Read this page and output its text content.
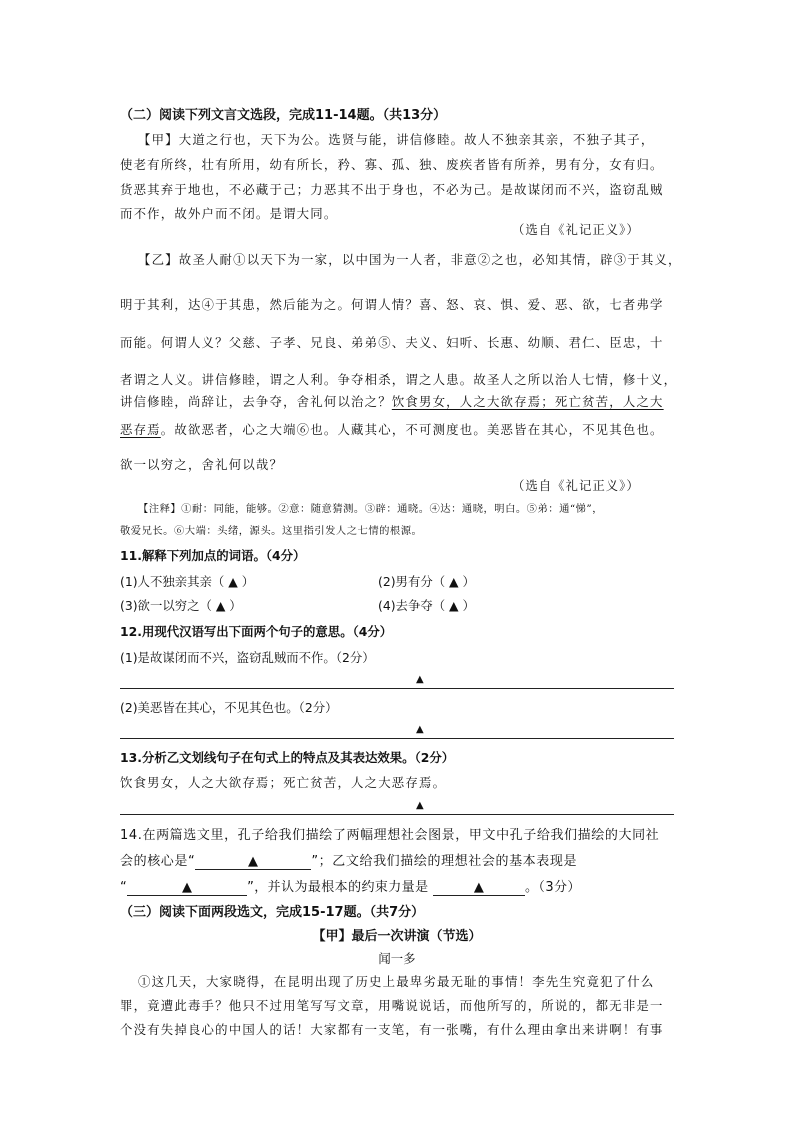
（二）阅读下列文言文选段，完成11-14题。（共13分）
【甲】大道之行也，天下为公。选贤与能，讲信修睦。故人不独亲其亲，不独子其子，
使老有所终，壮有所用，幼有所长，矜、寡、孤、独、废疾者皆有所养，男有分，女有归。
货恶其弃于地也，不必藏于己；力恶其不出于身也，不必为己。是故谋闭而不兴，盗窃乱贼
而不作，故外户而不闭。是谓大同。
（选自《礼记正义》）
【乙】故圣人耐①以天下为一家，以中国为一人者，非意②之也，必知其情，辟③于其义，
明于其利，达④于其患，然后能为之。何谓人情？喜、怒、哀、惧、爱、恶、欲，七者弗学
而能。何谓人义？父慈、子孝、兄良、弟弟⑤、夫义、妇听、长惠、幼顺、君仁、臣忠，十
者谓之人义。讲信修睦，谓之人利。争夺相杀，谓之人患。故圣人之所以治人七情，修十义，
讲信修睦，尚辞让，去争夺，舍礼何以治之？饮食男女，人之大欲存焉；死亡贫苦，人之大
恶存焉。故欲恶者，心之大端⑥也。人藏其心，不可测度也。美恶皆在其心，不见其色也。
欲一以穷之，舍礼何以哉？
（选自《礼记正义》）
【注释】①耐：同能，能够。②意：随意猜测。③辟：通晓。④达：通晓，明白。⑤弟：通“悌”，
敬爱兄长。⑥大端：头绪，源头。这里指引发人之七情的根源。
11.解释下列加点的词语。（4分）
(1)人不独亲其亲（ ▲ ）	(2)男有分（ ▲ ）
(3)欲一以穷之（ ▲ ）	(4)去争夺（ ▲ ）
12.用现代汉语写出下面两个句子的意思。（4分）
(1)是故谋闭而不兴，盗窃乱贼而不作。（2分）
▲
(2)美恶皆在其心，不见其色也。（2分）
▲
13.分析乙文划线句子在句式上的特点及其表达效果。（2分）
饮食男女，人之大欲存焉；死亡贫苦，人之大恶存焉。
▲
14.在两篇选文里，孔子给我们描绘了两幅理想社会图景，甲文中孔子给我们描绘的大同社
会的核心是“	▲	”；乙文给我们描绘的理想社会的基本表现是
“	▲	”，并认为最根本的约束力量是	▲	。（3分）
（三）阅读下面两段选文，完成15-17题。（共7分）
【甲】最后一次讲演（节选）
闻一多
①这几天，大家晓得，在昆明出现了历史上最卑劣最无耻的事情！李先生究竟犯了什么
罪，竟遭此毒手？他只不过用笔写写文章，用嘴说说话，而他所写的，所说的，都无非是一
个没有失掉良心的中国人的话！大家都有一支笔，有一张嘴，有什么理由拿出来讲啊！有事
